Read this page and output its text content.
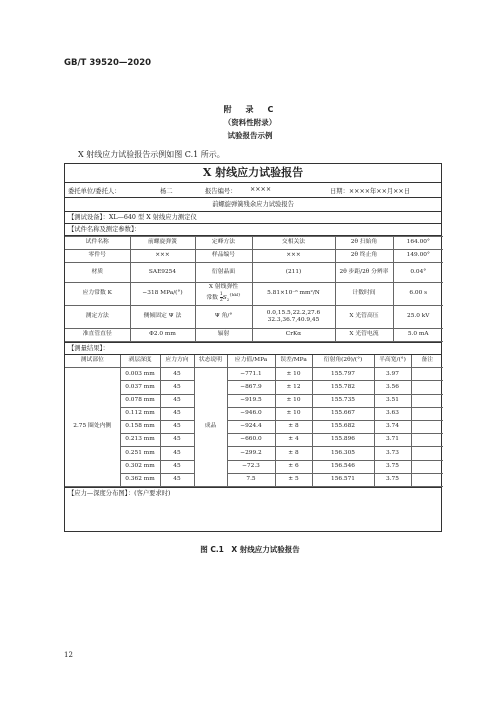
GB/T 39520—2020
附　录　C
（资料性附录）
试验报告示例
X 射线应力试验报告示例如图 C.1 所示。
X 射线应力试验报告
委托单位/委托人：	杨二	报告编号： ××××	日期：××××年××月××日
前螺旋弹簧残余应力试验报告
【测试设备】：XL—640 型 X 射线应力测定仪
【试件名称及测定参数】：
试件名称	前螺旋弹簧	定峰方法	交相关法	2θ 扫始角	164.00°
零件号	×××	样品编号	×××	2θ 终止角	149.00°
材质	SAE9254	衍射晶面	(211)	2θ 步距/2θ 分辨率	0.04°
应力常数 K	−318 MPa/(°)	X 射线弹性
常数 $\frac{1}{2}S_2^{\{hkl\}}$	5.81×10⁻⁶ mm²/N	计数时间	6.00 s
测定方法	侧倾固定 Ψ 法	Ψ 角/°	0.0,15.5,22.2,27.6 32.3,36.7,40.9,45	X 光管高压	25.0 kV
准直管直径	Φ2.0 mm	辐射	CrKα	X 光管电流	5.0 mA
【测量结果】：
测试部位	剥层深度	应力方向	状态说明	应力值/MPa	误差/MPa	衍射角(2θ)/(°)	半高宽/(°)	备注
2.75 圈处内侧	0.003 mm	45	成品	−771.1	± 10	155.797	3.97	
	0.037 mm	45		−867.9	± 12	155.782	3.56	
	0.078 mm	45		−919.5	± 10	155.735	3.51	
	0.112 mm	45		−946.0	± 10	155.667	3.63	
	0.158 mm	45		−924.4	± 8	155.682	3.74	
	0.213 mm	45		−660.0	± 4	155.896	3.71	
	0.251 mm	45		−299.2	± 8	156.305	3.73	
	0.302 mm	45		−72.3	± 6	156.546	3.75	
	0.362 mm	45		7.5	± 5	156.571	3.75	
【应力—深度分布图】：(客户要求时)
图 C.1　X 射线应力试验报告
12
